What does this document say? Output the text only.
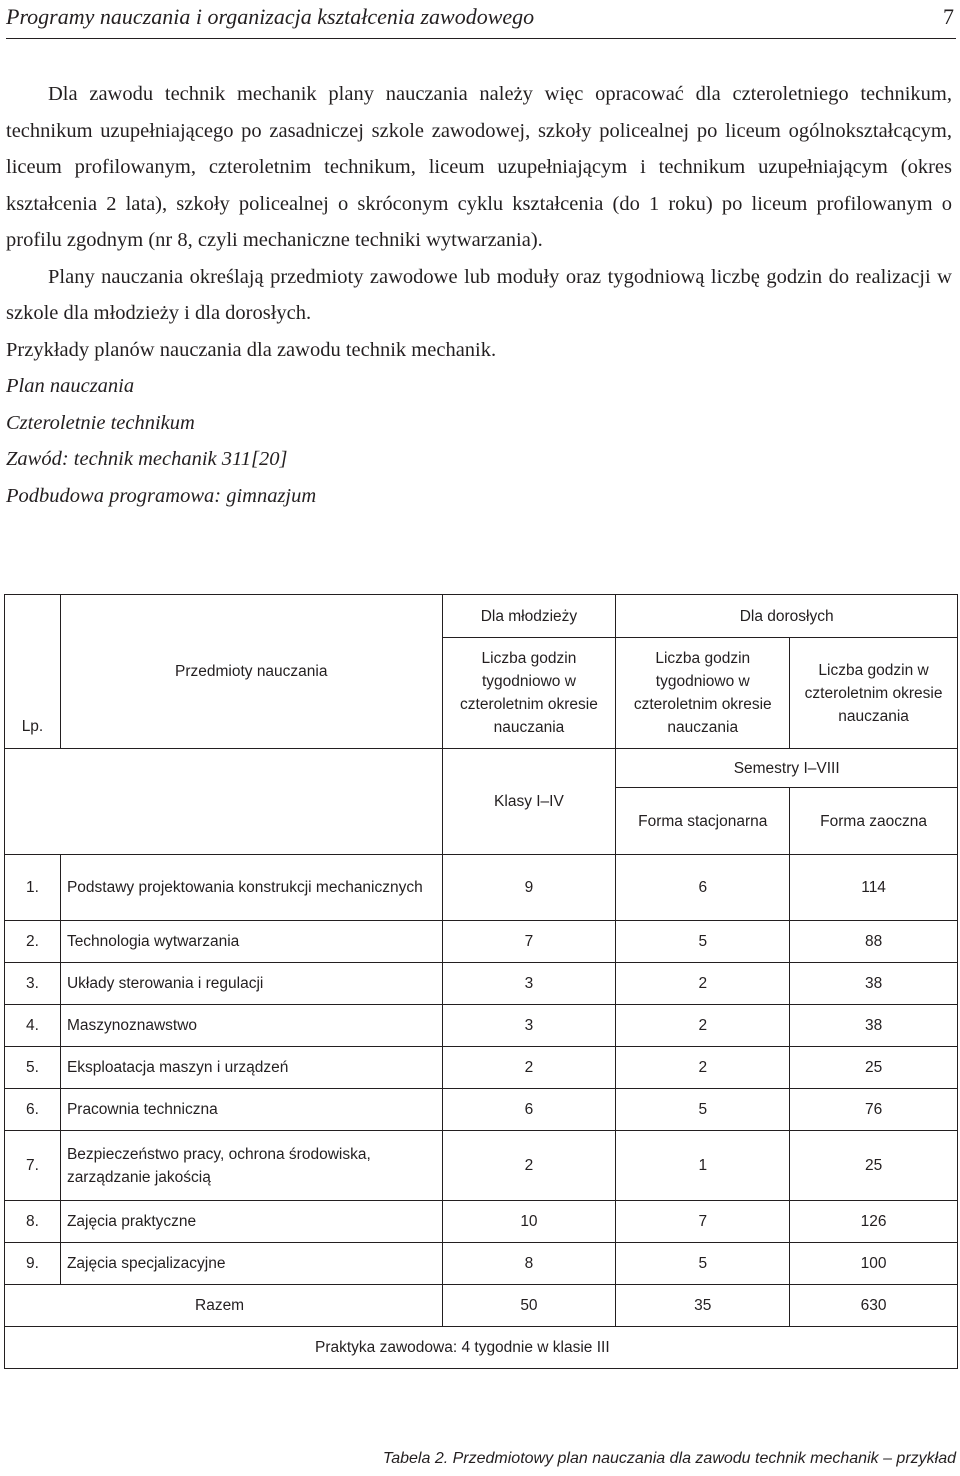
Programy nauczania i organizacja kształcenia zawodowego	7

Dla zawodu technik mechanik plany nauczania należy więc opracować dla czteroletniego technikum, technikum uzupełniającego po zasadniczej szkole zawodowej, szkoły policealnej po liceum ogólnokształcącym, liceum profilowanym, czteroletnim technikum, liceum uzupełniającym i technikum uzupełniającym (okres kształcenia 2 lata), szkoły policealnej o skróconym cyklu kształcenia (do 1 roku) po liceum profilowanym o profilu zgodnym (nr 8, czyli mechaniczne techniki wytwarzania).

Plany nauczania określają przedmioty zawodowe lub moduły oraz tygodniową liczbę godzin do realizacji w szkole dla młodzieży i dla dorosłych.

Przykłady planów nauczania dla zawodu technik mechanik.

Plan nauczania

Czteroletnie technikum

Zawód: technik mechanik 311[20]

Podbudowa programowa: gimnazjum

Lp.	Przedmioty nauczania	Dla młodzieży	Dla dorosłych	
		Liczba godzin tygodniowo w czteroletnim okresie nauczania	Liczba godzin tygodniowo w czteroletnim okresie nauczania	Liczba godzin w czteroletnim okresie nauczania
		Klasy I–IV	Semestry I–VIII	
			Forma stacjonarna	Forma zaoczna
1.	Podstawy projektowania konstrukcji mechanicznych	9	6	114
2.	Technologia wytwarzania	7	5	88
3.	Układy sterowania i regulacji	3	2	38
4.	Maszynoznawstwo	3	2	38
5.	Eksploatacja maszyn i urządzeń	2	2	25
6.	Pracownia techniczna	6	5	76
7.	Bezpieczeństwo pracy, ochrona środowiska, zarządzanie jakością	2	1	25
8.	Zajęcia praktyczne	10	7	126
9.	Zajęcia specjalizacyjne	8	5	100
Razem		50	35	630
Praktyka zawodowa: 4 tygodnie w klasie III				
Tabela 2. Przedmiotowy plan nauczania dla zawodu technik mechanik – przykład
